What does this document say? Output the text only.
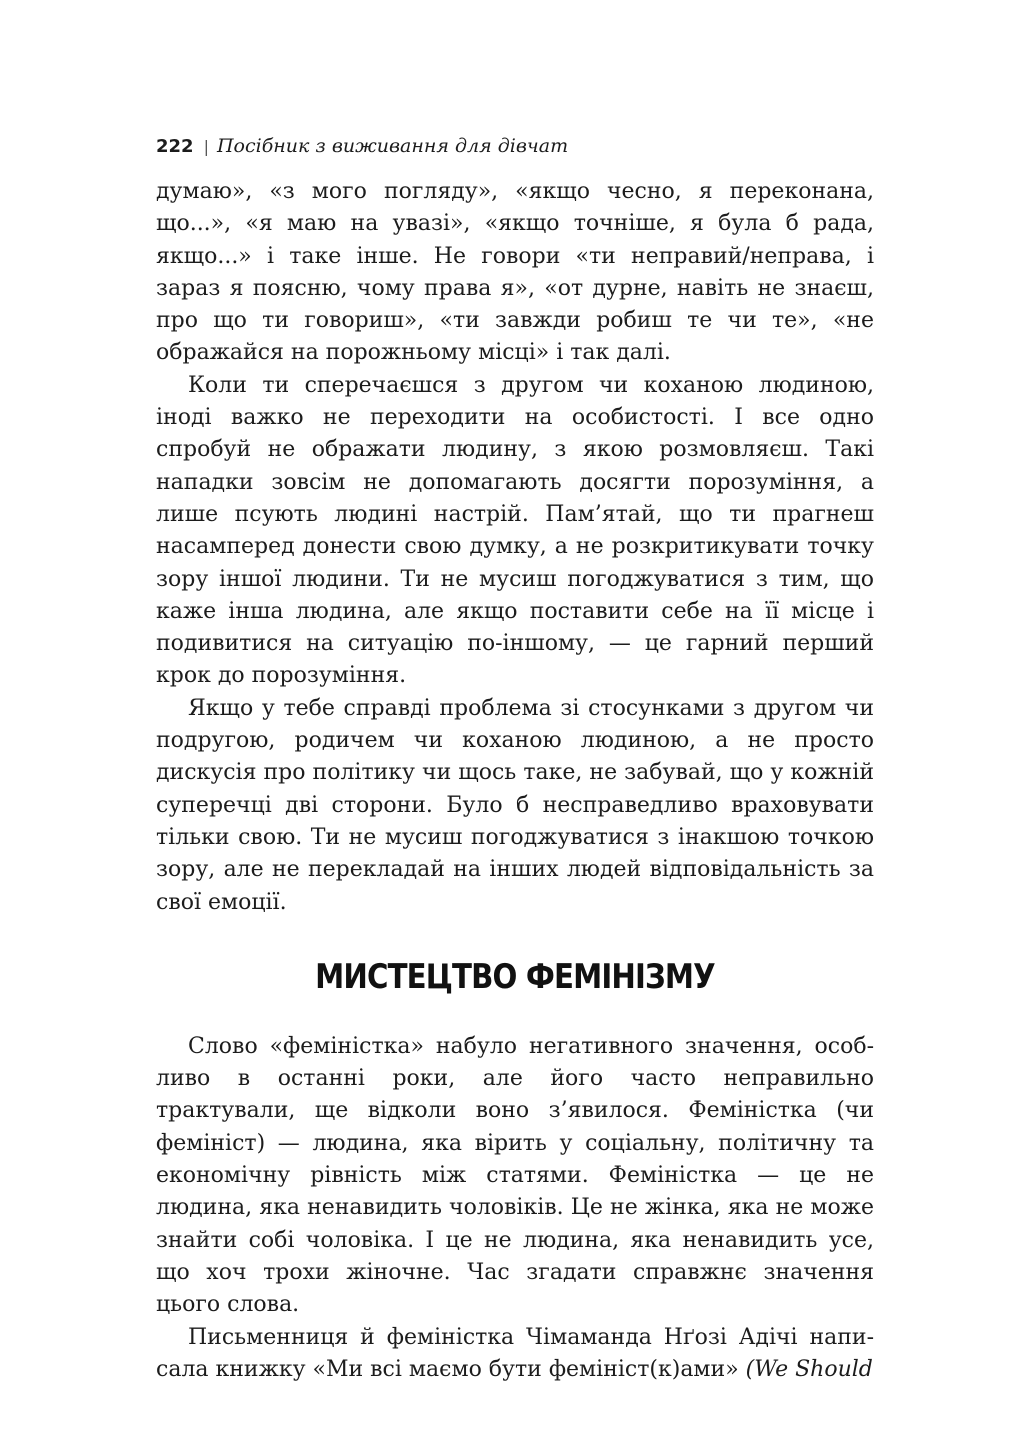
222 | Посібник з виживання для дівчат

думаю», «з мого погляду», «якщо чесно, я переконана, що...», «я маю на увазі», «якщо точніше, я була б рада, якщо...» і таке інше. Не говори «ти неправий/неправа, і зараз я поясню, чому права я», «от дурне, навіть не знаєш, про що ти говориш», «ти завжди робиш те чи те», «не ображайся на порожньому місці» і так далі.

Коли ти сперечаєшся з другом чи коханою людиною, іноді важко не переходити на особистості. І все одно спробуй не ображати людину, з якою розмовляєш. Такі нападки зовсім не допомагають досягти порозуміння, а лише псують людині настрій. Пам’ятай, що ти прагнеш насамперед донести свою думку, а не розкритикувати точку зору іншої людини. Ти не мусиш погоджуватися з тим, що каже інша людина, але якщо поставити себе на її місце і подивитися на ситуацію по-іншому, — це гарний перший крок до порозуміння.

Якщо у тебе справді проблема зі стосунками з другом чи подругою, родичем чи коханою людиною, а не просто дискусія про політику чи щось таке, не забувай, що у кожній суперечці дві сторони. Було б несправедливо враховувати тільки свою. Ти не мусиш погоджуватися з інакшою точкою зору, але не перекладай на інших людей відповідальність за свої емоції.

МИСТЕЦТВО ФЕМІНІЗМУ

Слово «феміністка» набуло негативного значення, особливо в останні роки, але його часто неправильно трактували, ще відколи воно з’явилося. Феміністка (чи фемініст) — людина, яка вірить у соціальну, політичну та економічну рівність між статями. Феміністка — це не людина, яка ненавидить чоловіків. Це не жінка, яка не може знайти собі чоловіка. І це не людина, яка ненавидить усе, що хоч трохи жіночне. Час згадати справжнє значення цього слова.

Письменниця й феміністка Чімаманда Нґозі Адічі написала книжку «Ми всі маємо бути фемініст(к)ами» (We Should
